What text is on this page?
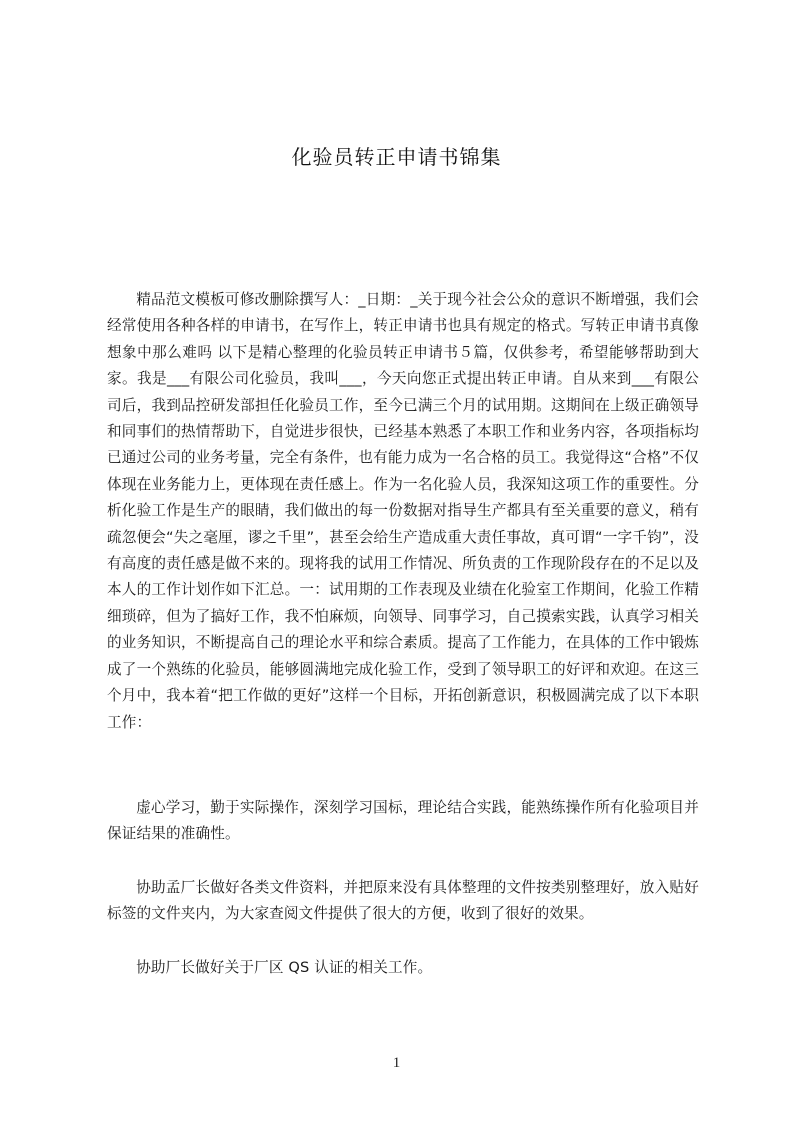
化验员转正申请书锦集

精品范文模板可修改删除撰写人：_日期：_关于现今社会公众的意识不断增强，我们会经常使用各种各样的申请书，在写作上，转正申请书也具有规定的格式。写转正申请书真像想象中那么难吗 以下是精心整理的化验员转正申请书５篇，仅供参考，希望能够帮助到大家。我是___有限公司化验员，我叫___，今天向您正式提出转正申请。自从来到___有限公司后，我到品控研发部担任化验员工作，至今已满三个月的试用期。这期间在上级正确领导和同事们的热情帮助下，自觉进步很快，已经基本熟悉了本职工作和业务内容，各项指标均已通过公司的业务考量，完全有条件，也有能力成为一名合格的员工。我觉得这“合格”不仅体现在业务能力上，更体现在责任感上。作为一名化验人员，我深知这项工作的重要性。分析化验工作是生产的眼睛，我们做出的每一份数据对指导生产都具有至关重要的意义，稍有疏忽便会“失之毫厘，谬之千里”，甚至会给生产造成重大责任事故，真可谓“一字千钧”，没有高度的责任感是做不来的。现将我的试用工作情况、所负责的工作现阶段存在的不足以及本人的工作计划作如下汇总。一：试用期的工作表现及业绩在化验室工作期间，化验工作精细琐碎，但为了搞好工作，我不怕麻烦，向领导、同事学习，自己摸索实践，认真学习相关的业务知识，不断提高自己的理论水平和综合素质。提高了工作能力，在具体的工作中锻炼成了一个熟练的化验员，能够圆满地完成化验工作，受到了领导职工的好评和欢迎。在这三个月中，我本着“把工作做的更好”这样一个目标，开拓创新意识，积极圆满完成了以下本职工作：

虚心学习，勤于实际操作，深刻学习国标，理论结合实践，能熟练操作所有化验项目并保证结果的准确性。

协助孟厂长做好各类文件资料，并把原来没有具体整理的文件按类别整理好，放入贴好标签的文件夹内，为大家查阅文件提供了很大的方便，收到了很好的效果。

协助厂长做好关于厂区 QS 认证的相关工作。

1
